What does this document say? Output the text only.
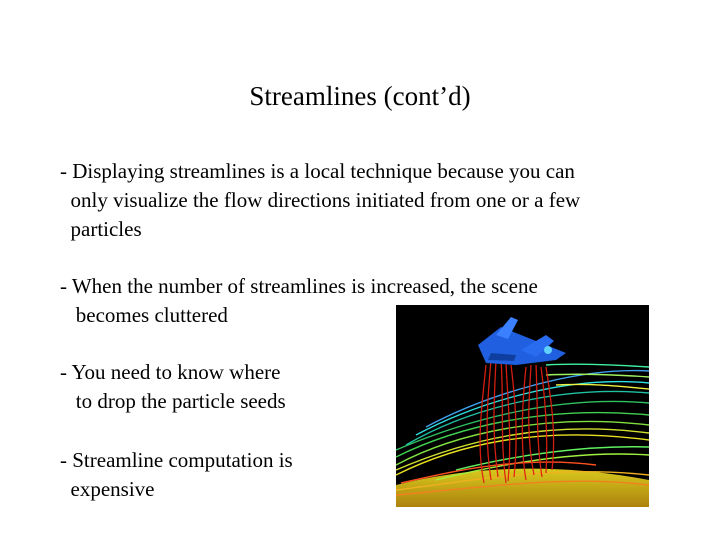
Streamlines (cont’d)
- Displaying streamlines is a local technique because you can
only visualize the flow directions initiated from one or a few
particles
- When the number of streamlines is increased, the scene
becomes cluttered
- You need to know where
to drop the particle seeds
- Streamline computation is
expensive
